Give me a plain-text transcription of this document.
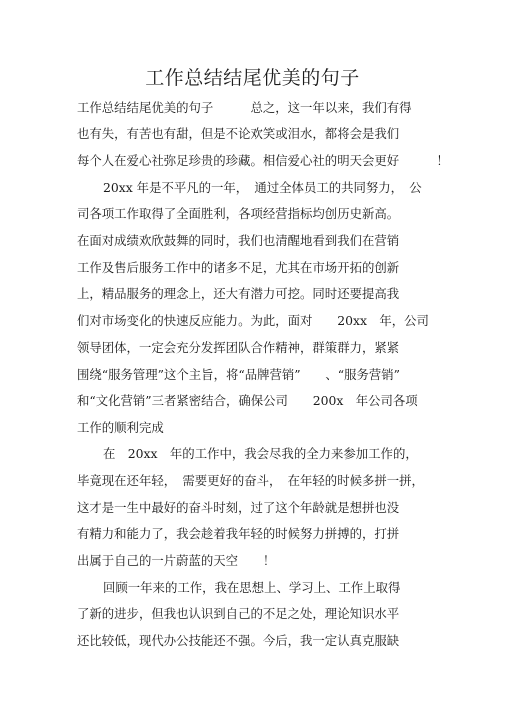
工作总结结尾优美的句子
工作总结结尾优美的句子　　　总之，这一年以来，我们有得
也有失，有苦也有甜，但是不论欢笑或泪水，都将会是我们
每个人在爱心社弥足珍贵的珍藏。相信爱心社的明天会更好　　　！
20xx 年是不平凡的一年，　通过全体员工的共同努力，　公
司各项工作取得了全面胜利，各项经营指标均创历史新高。
在面对成绩欢欣鼓舞的同时，我们也清醒地看到我们在营销
工作及售后服务工作中的诸多不足，尤其在市场开拓的创新
上，精品服务的理念上，还大有潜力可挖。同时还要提高我
们对市场变化的快速反应能力。为此，面对　　20xx　年，公司
领导团体，一定会充分发挥团队合作精神，群策群力，紧紧
围绕“服务管理”这个主旨，将“品牌营销”　　、“服务营销”
和“文化营销”三者紧密结合，确保公司　　200x　年公司各项
工作的顺利完成
在　20xx　年的工作中，我会尽我的全力来参加工作的，
毕竟现在还年轻，　需要更好的奋斗，　在年轻的时候多拼一拼，
这才是一生中最好的奋斗时刻，过了这个年龄就是想拼也没
有精力和能力了，我会趁着我年轻的时候努力拼搏的，打拼
出属于自己的一片蔚蓝的天空　　！
回顾一年来的工作，我在思想上、学习上、工作上取得
了新的进步，但我也认识到自己的不足之处，理论知识水平
还比较低，现代办公技能还不强。今后，我一定认真克服缺
